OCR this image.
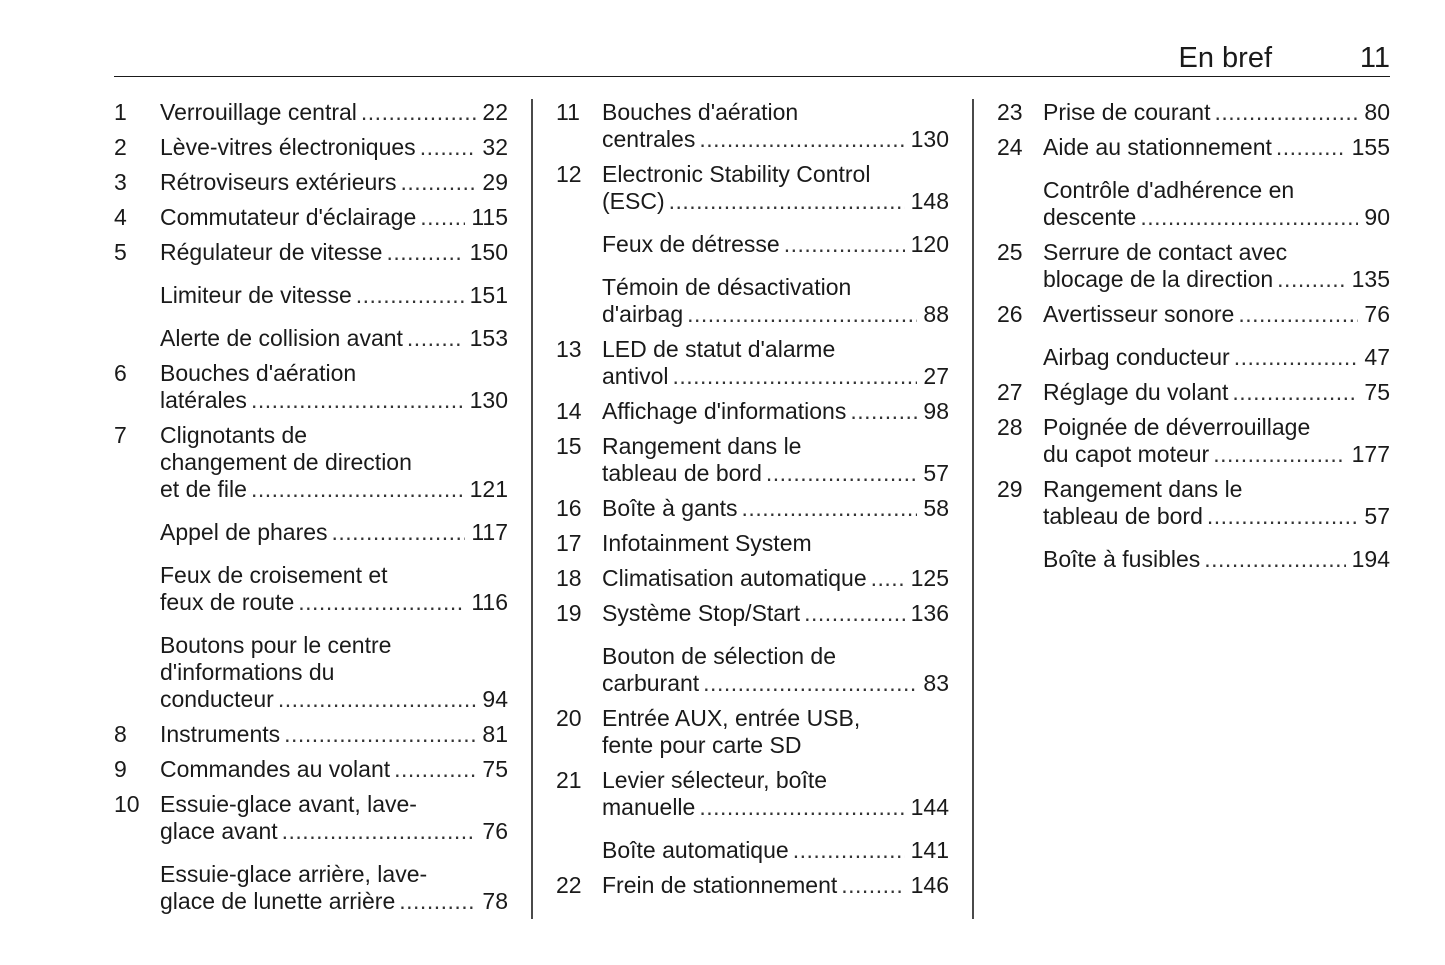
En bref	11
1 Verrouillage central .....	22
2 Lève-vitres électroniques .....	32
3 Rétroviseurs extérieurs .....	29
4 Commutateur d'éclairage ..... 115
5 Régulateur de vitesse .....	150
Limiteur de vitesse .....	151
Alerte de collision avant .....	153
6 Bouches d'aération
latérales .....	130
7 Clignotants de
changement de direction
et de file .....	121
Appel de phares .....	117
Feux de croisement et
feux de route .....	116
Boutons pour le centre
d'informations du
conducteur .....	94
8 Instruments .....	81
9 Commandes au volant .....	75
10 Essuie-glace avant, lave-
glace avant .....	76
Essuie-glace arrière, lave-
glace de lunette arrière .....	78
11 Bouches d'aération
centrales .....	130
12 Electronic Stability Control
(ESC) .....	148
Feux de détresse .....	120
Témoin de désactivation
d'airbag .....	88
13 LED de statut d'alarme
antivol .....	27
14 Affichage d'informations .....	98
15 Rangement dans le
tableau de bord .....	57
16 Boîte à gants .....	58
17 Infotainment System
18 Climatisation automatique ..... 125
19 Système Stop/Start .....	136
Bouton de sélection de
carburant .....	83
20 Entrée AUX, entrée USB,
fente pour carte SD
21 Levier sélecteur, boîte
manuelle .....	144
Boîte automatique .....	141
22 Frein de stationnement .....	146
23 Prise de courant .....	80
24 Aide au stationnement .....	155
Contrôle d'adhérence en
descente .....	90
25 Serrure de contact avec
blocage de la direction .....	135
26 Avertisseur sonore .....	76
Airbag conducteur .....	47
27 Réglage du volant .....	75
28 Poignée de déverrouillage
du capot moteur .....	177
29 Rangement dans le
tableau de bord .....	57
Boîte à fusibles .....	194
